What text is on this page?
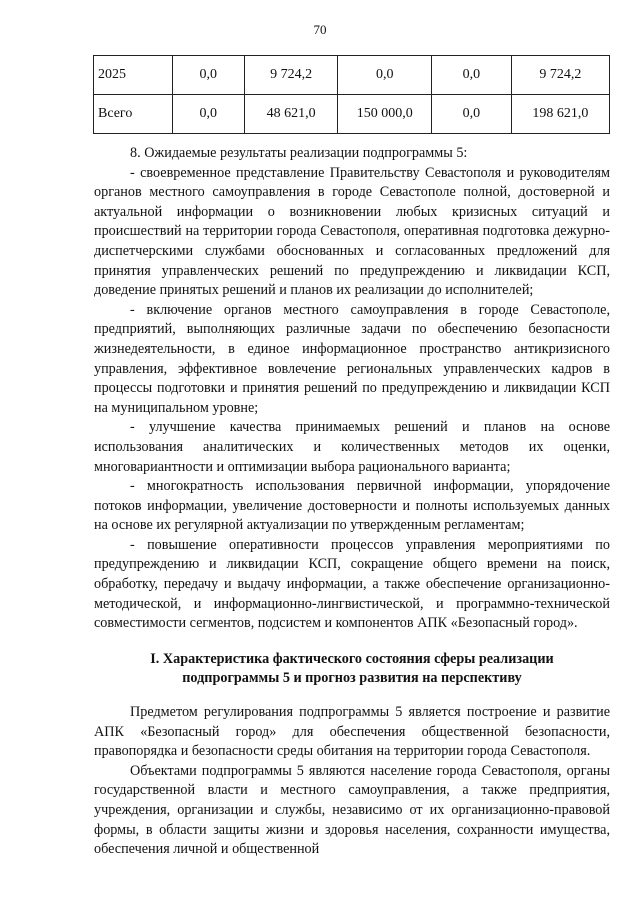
70
2025	0,0	9 724,2	0,0	0,0	9 724,2
Всего	0,0	48 621,0	150 000,0	0,0	198 621,0

8. Ожидаемые результаты реализации подпрограммы 5:

- своевременное представление Правительству Севастополя и руководителям органов местного самоуправления в городе Севастополе полной, достоверной и актуальной информации о возникновении любых кризисных ситуаций и происшествий на территории города Севастополя, оперативная подготовка дежурно-диспетчерскими службами обоснованных и согласованных предложений для принятия управленческих решений по предупреждению и ликвидации КСП, доведение принятых решений и планов их реализации до исполнителей;

- включение органов местного самоуправления в городе Севастополе, предприятий, выполняющих различные задачи по обеспечению безопасности жизнедеятельности, в единое информационное пространство антикризисного управления, эффективное вовлечение региональных управленческих кадров в процессы подготовки и принятия решений по предупреждению и ликвидации КСП на муниципальном уровне;

- улучшение качества принимаемых решений и планов на основе использования аналитических и количественных методов их оценки, многовариантности и оптимизации выбора рационального варианта;

- многократность использования первичной информации, упорядочение потоков информации, увеличение достоверности и полноты используемых данных на основе их регулярной актуализации по утвержденным регламентам;

- повышение оперативности процессов управления мероприятиями по предупреждению и ликвидации КСП, сокращение общего времени на поиск, обработку, передачу и выдачу информации, а также обеспечение организационно-методической, и информационно-лингвистической, и программно-технической совместимости сегментов, подсистем и компонентов АПК «Безопасный город».

I. Характеристика фактического состояния сферы реализации
подпрограммы 5 и прогноз развития на перспективу

Предметом регулирования подпрограммы 5 является построение и развитие АПК «Безопасный город» для обеспечения общественной безопасности, правопорядка и безопасности среды обитания на территории города Севастополя.

Объектами подпрограммы 5 являются население города Севастополя, органы государственной власти и местного самоуправления, а также предприятия, учреждения, организации и службы, независимо от их организационно-правовой формы, в области защиты жизни и здоровья населения, сохранности имущества, обеспечения личной и общественной
